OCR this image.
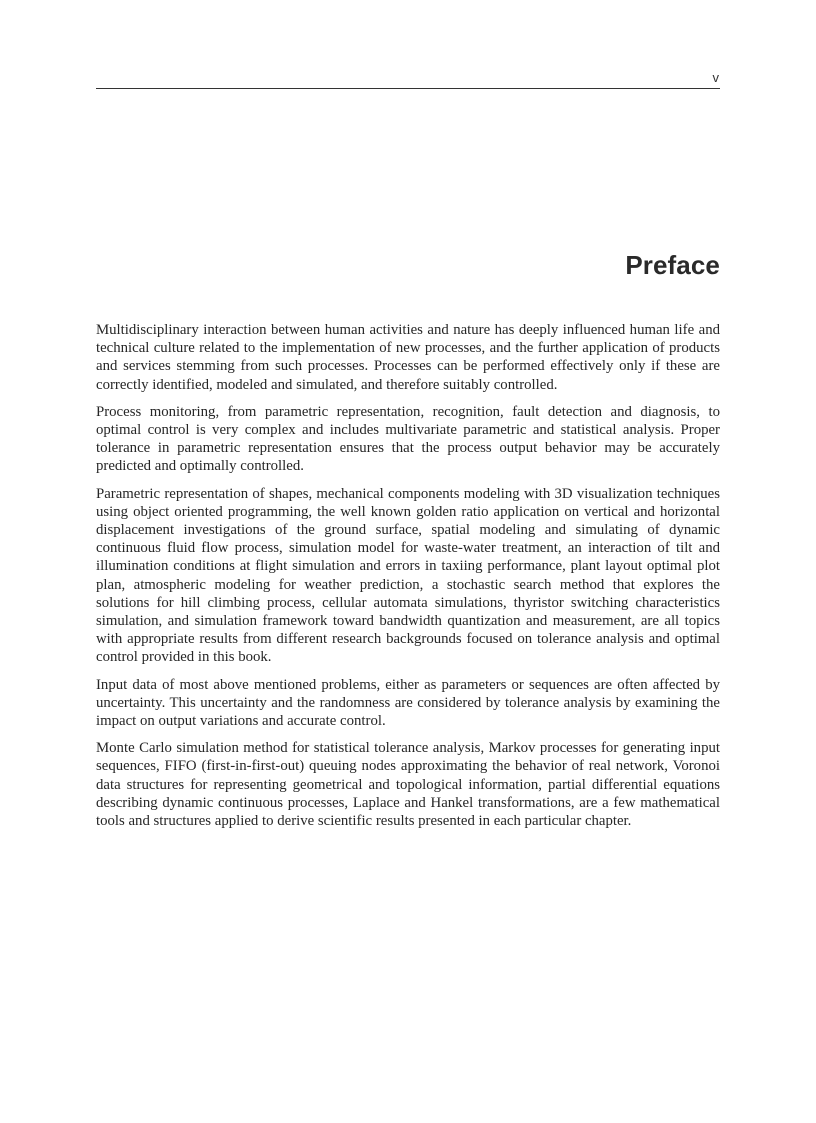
v
Preface

Multidisciplinary interaction between human activities and nature has deeply influenced human life and technical culture related to the implementation of new processes, and the further application of products and services stemming from such processes. Processes can be performed effectively only if these are correctly identified, modeled and simulated, and therefore suitably controlled.

Process monitoring, from parametric representation, recognition, fault detection and diagnosis, to optimal control is very complex and includes multivariate parametric and statistical analysis. Proper tolerance in parametric representation ensures that the process output behavior may be accurately predicted and optimally controlled.

Parametric representation of shapes, mechanical components modeling with 3D visualization techniques using object oriented programming, the well known golden ratio application on vertical and horizontal displacement investigations of the ground surface, spatial modeling and simulating of dynamic continuous fluid flow process, simulation model for waste-water treatment, an interaction of tilt and illumination conditions at flight simulation and errors in taxiing performance, plant layout optimal plot plan, atmospheric modeling for weather prediction, a stochastic search method that explores the solutions for hill climbing process, cellular automata simulations, thyristor switching characteristics simulation, and simulation framework toward bandwidth quantization and measurement, are all topics with appropriate results from different research backgrounds focused on tolerance analysis and optimal control provided in this book.

Input data of most above mentioned problems, either as parameters or sequences are often affected by uncertainty. This uncertainty and the randomness are considered by tolerance analysis by examining the impact on output variations and accurate control.

Monte Carlo simulation method for statistical tolerance analysis, Markov processes for generating input sequences, FIFO (first-in-first-out) queuing nodes approximating the behavior of real network, Voronoi data structures for representing geometrical and topological information, partial differential equations describing dynamic continuous processes, Laplace and Hankel transformations, are a few mathematical tools and structures applied to derive scientific results presented in each particular chapter.
